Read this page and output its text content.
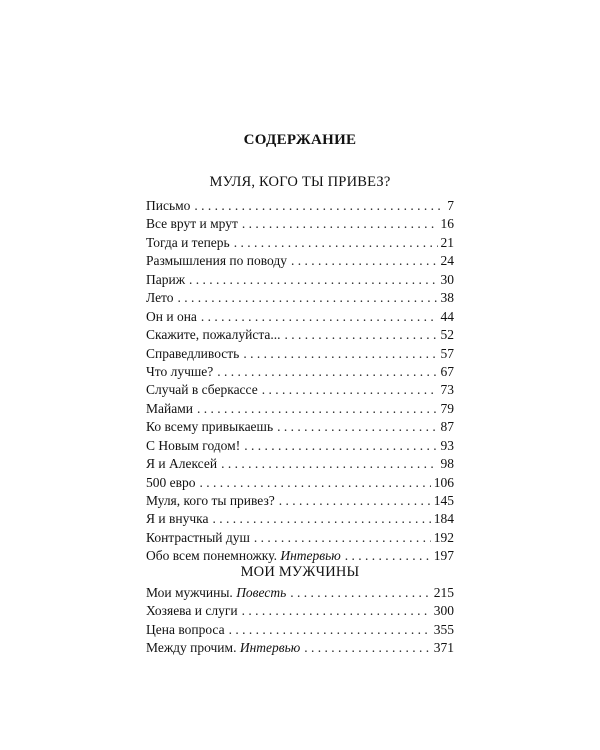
СОДЕРЖАНИЕ
МУЛЯ, КОГО ТЫ ПРИВЕЗ?
Письмо . . .	7
Все врут и мрут . . .	16
Тогда и теперь . . .	21
Размышления по поводу . . .	24
Париж . . .	30
Лето . . .	38
Он и она . . .	44
Скажите, пожалуйста... . . .	52
Справедливость . . .	57
Что лучше? . . .	67
Случай в сберкассе . . .	73
Майами . . .	79
Ко всему привыкаешь . . .	87
С Новым годом! . . .	93
Я и Алексей . . .	98
500 евро . . .	106
Муля, кого ты привез? . . .	145
Я и внучка . . .	184
Контрастный душ . . .	192
Обо всем понемножку. Интервью . . .	197
МОИ МУЖЧИНЫ
Мои мужчины. Повесть . . .	215
Хозяева и слуги . . .	300
Цена вопроса . . .	355
Между прочим. Интервью . . .	371
